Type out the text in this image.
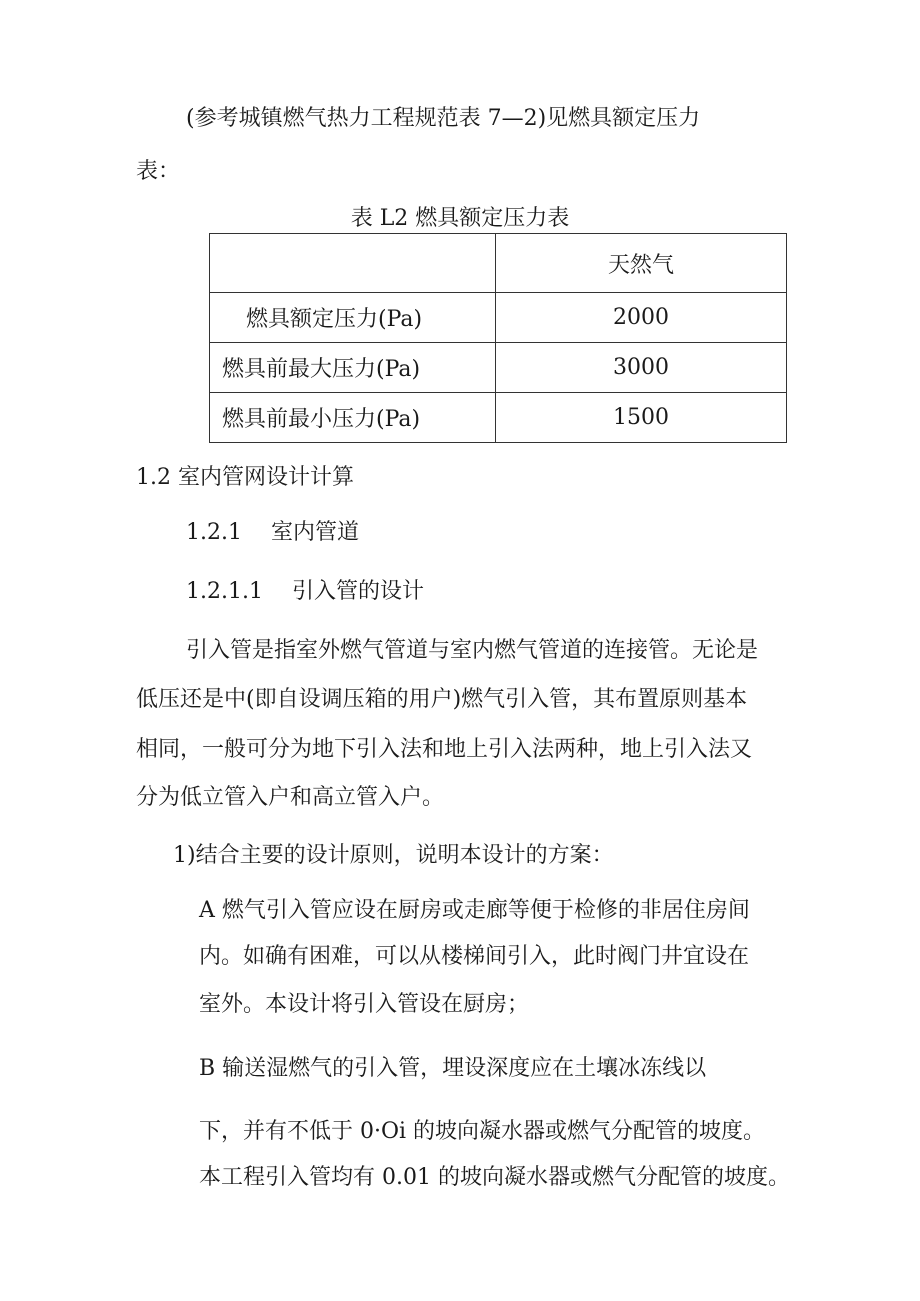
(参考城镇燃气热力工程规范表 7—2)见燃具额定压力
表：
表 L2 燃具额定压力表
	天然气
燃具额定压力(Pa)	2000
燃具前最大压力(Pa)	3000
燃具前最小压力(Pa)	1500
1.2 室内管网设计计算
1.2.1　 室内管道
1.2.1.1　 引入管的设计
引入管是指室外燃气管道与室内燃气管道的连接管。无论是
低压还是中(即自设调压箱的用户)燃气引入管，其布置原则基本
相同，一般可分为地下引入法和地上引入法两种，地上引入法又
分为低立管入户和高立管入户。
1)结合主要的设计原则，说明本设计的方案：
A 燃气引入管应设在厨房或走廊等便于检修的非居住房间
内。如确有困难，可以从楼梯间引入，此时阀门井宜设在
室外。本设计将引入管设在厨房；
B 输送湿燃气的引入管，埋设深度应在土壤冰冻线以
下，并有不低于 0·Oi 的坡向凝水器或燃气分配管的坡度。
本工程引入管均有 0.01 的坡向凝水器或燃气分配管的坡度。
